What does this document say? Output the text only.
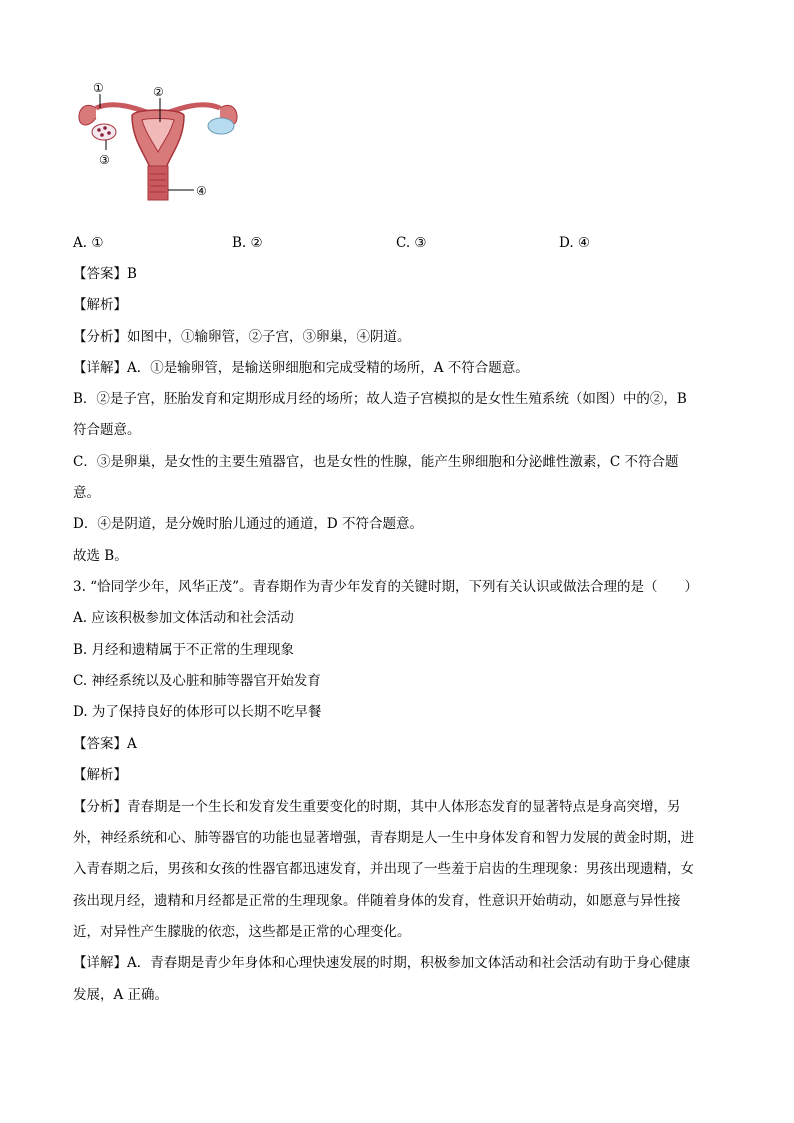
①	②
③
④
A. ①	B. ②	C. ③	D. ④
【答案】B
【解析】
【分析】如图中，①输卵管，②子宫，③卵巢，④阴道。
【详解】A．①是输卵管，是输送卵细胞和完成受精的场所，A 不符合题意。
B．②是子宫，胚胎发育和定期形成月经的场所；故人造子宫模拟的是女性生殖系统（如图）中的②，B
符合题意。
C．③是卵巢，是女性的主要生殖器官，也是女性的性腺，能产生卵细胞和分泌雌性激素，C 不符合题
意。
D．④是阴道，是分娩时胎儿通过的通道，D 不符合题意。
故选 B。
3. “恰同学少年，风华正茂”。青春期作为青少年发育的关键时期，下列有关认识或做法合理的是（　　）
A. 应该积极参加文体活动和社会活动
B. 月经和遗精属于不正常的生理现象
C. 神经系统以及心脏和肺等器官开始发育
D. 为了保持良好的体形可以长期不吃早餐
【答案】A
【解析】
【分析】青春期是一个生长和发育发生重要变化的时期，其中人体形态发育的显著特点是身高突增，另
外，神经系统和心、肺等器官的功能也显著增强，青春期是人一生中身体发育和智力发展的黄金时期，进
入青春期之后，男孩和女孩的性器官都迅速发育，并出现了一些羞于启齿的生理现象：男孩出现遗精，女
孩出现月经，遗精和月经都是正常的生理现象。伴随着身体的发育，性意识开始萌动，如愿意与异性接
近，对异性产生朦胧的依恋，这些都是正常的心理变化。
【详解】A．青春期是青少年身体和心理快速发展的时期，积极参加文体活动和社会活动有助于身心健康
发展，A 正确。
